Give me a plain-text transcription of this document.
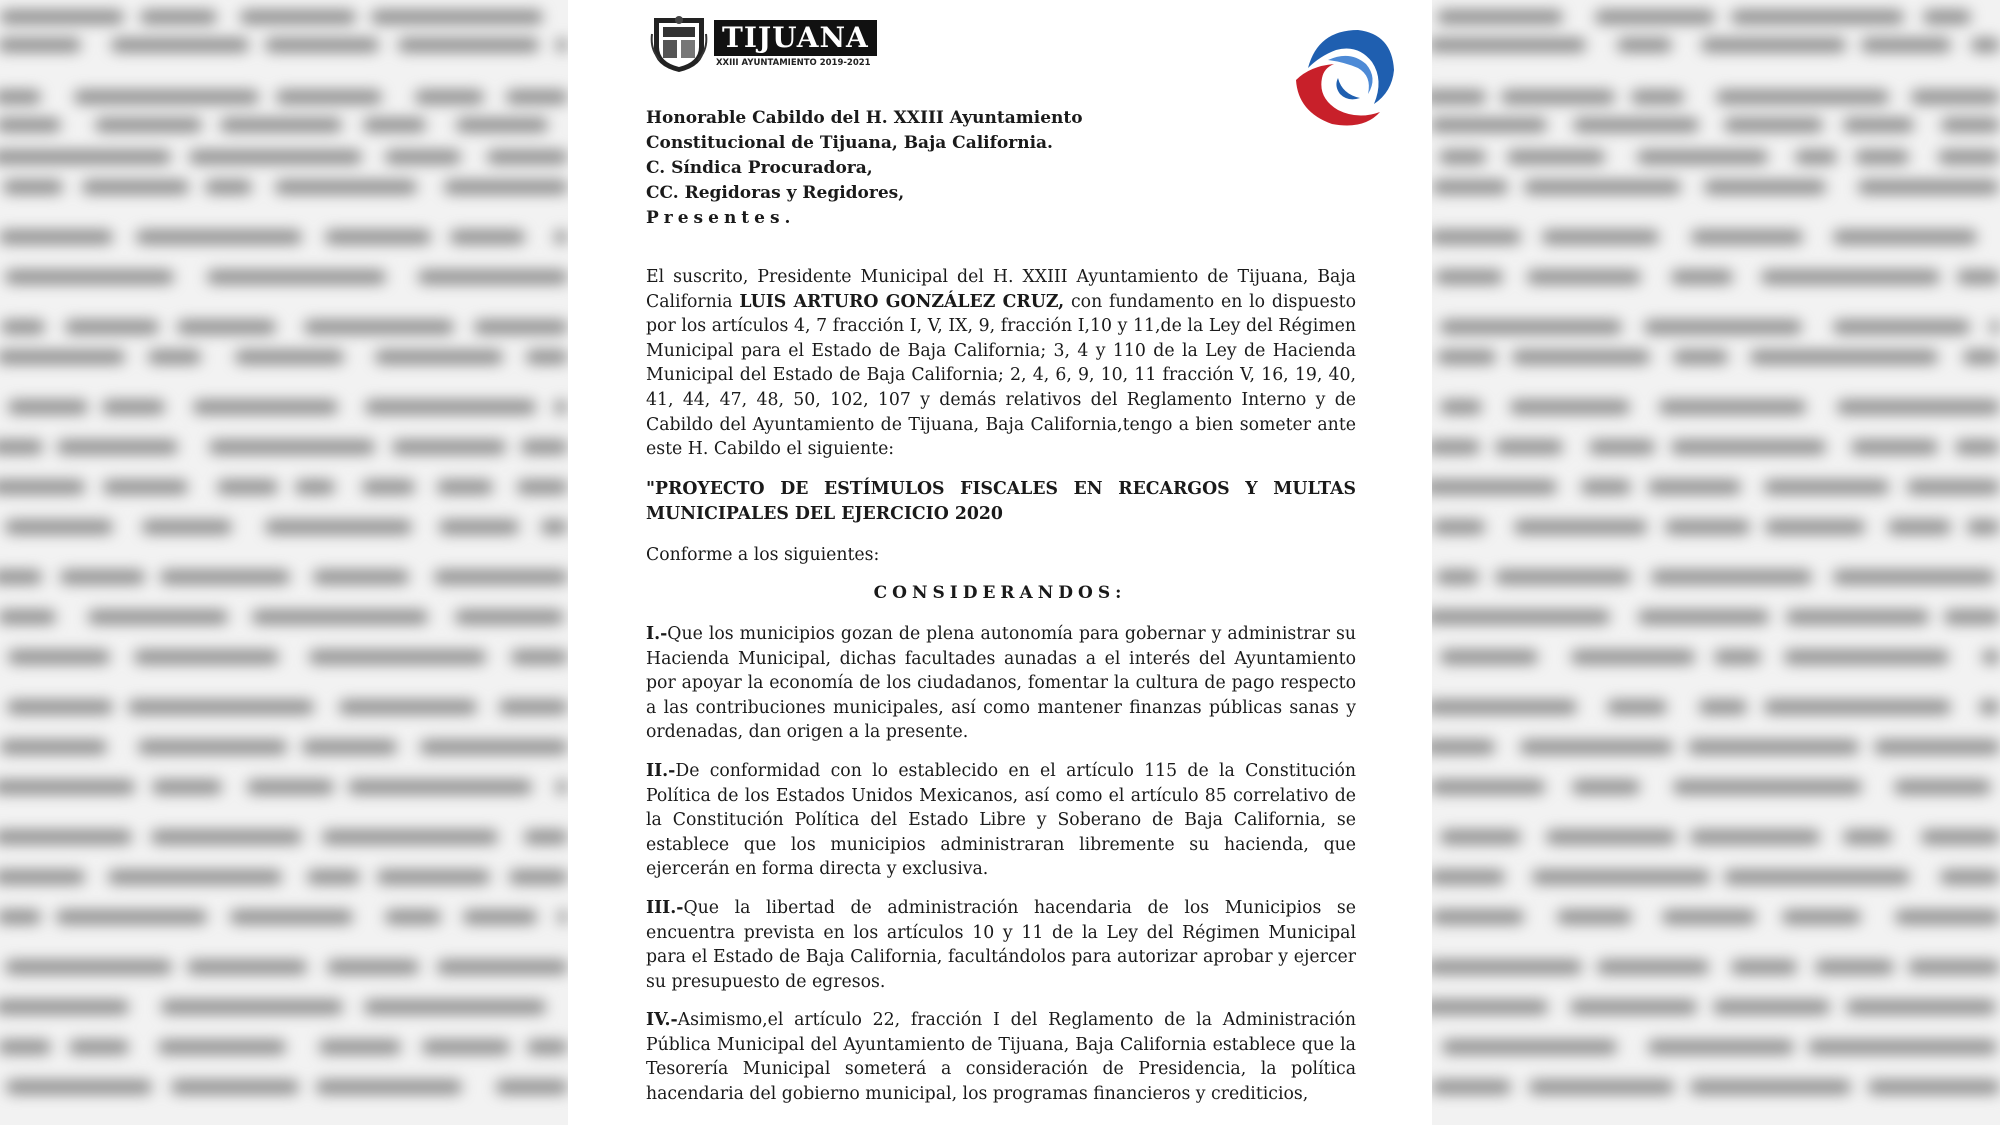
TIJUANA
XXIII AYUNTAMIENTO 2019-2021
Honorable Cabildo del H. XXIII Ayuntamiento
Constitucional de Tijuana, Baja California.
C. Síndica Procuradora,
CC. Regidoras y Regidores,
Presentes.
El suscrito, Presidente Municipal del H. XXIII Ayuntamiento de Tijuana, Baja California LUIS ARTURO GONZÁLEZ CRUZ, con fundamento en lo dispuesto por los artículos 4, 7 fracción I, V, IX, 9, fracción I,10 y 11,de la Ley del Régimen Municipal para el Estado de Baja California; 3, 4 y 110 de la Ley de Hacienda Municipal del Estado de Baja California; 2, 4, 6, 9, 10, 11 fracción V, 16, 19, 40, 41, 44, 47, 48, 50, 102, 107 y demás relativos del Reglamento Interno y de Cabildo del Ayuntamiento de Tijuana, Baja California,tengo a bien someter ante este H. Cabildo el siguiente:
"PROYECTO DE ESTÍMULOS FISCALES EN RECARGOS Y MULTAS MUNICIPALES DEL EJERCICIO 2020
Conforme a los siguientes:
CONSIDERANDOS:
I.-Que los municipios gozan de plena autonomía para gobernar y administrar su Hacienda Municipal, dichas facultades aunadas a el interés del Ayuntamiento por apoyar la economía de los ciudadanos, fomentar la cultura de pago respecto a las contribuciones municipales, así como mantener finanzas públicas sanas y ordenadas, dan origen a la presente.
II.-De conformidad con lo establecido en el artículo 115 de la Constitución Política de los Estados Unidos Mexicanos, así como el artículo 85 correlativo de la Constitución Política del Estado Libre y Soberano de Baja California, se establece que los municipios administraran libremente su hacienda, que ejercerán en forma directa y exclusiva.
III.-Que la libertad de administración hacendaria de los Municipios se encuentra prevista en los artículos 10 y 11 de la Ley del Régimen Municipal para el Estado de Baja California, facultándolos para autorizar aprobar y ejercer su presupuesto de egresos.
IV.-Asimismo,el artículo 22, fracción I del Reglamento de la Administración Pública Municipal del Ayuntamiento de Tijuana, Baja California establece que la Tesorería Municipal someterá a consideración de Presidencia, la política hacendaria del gobierno municipal, los programas financieros y crediticios,
